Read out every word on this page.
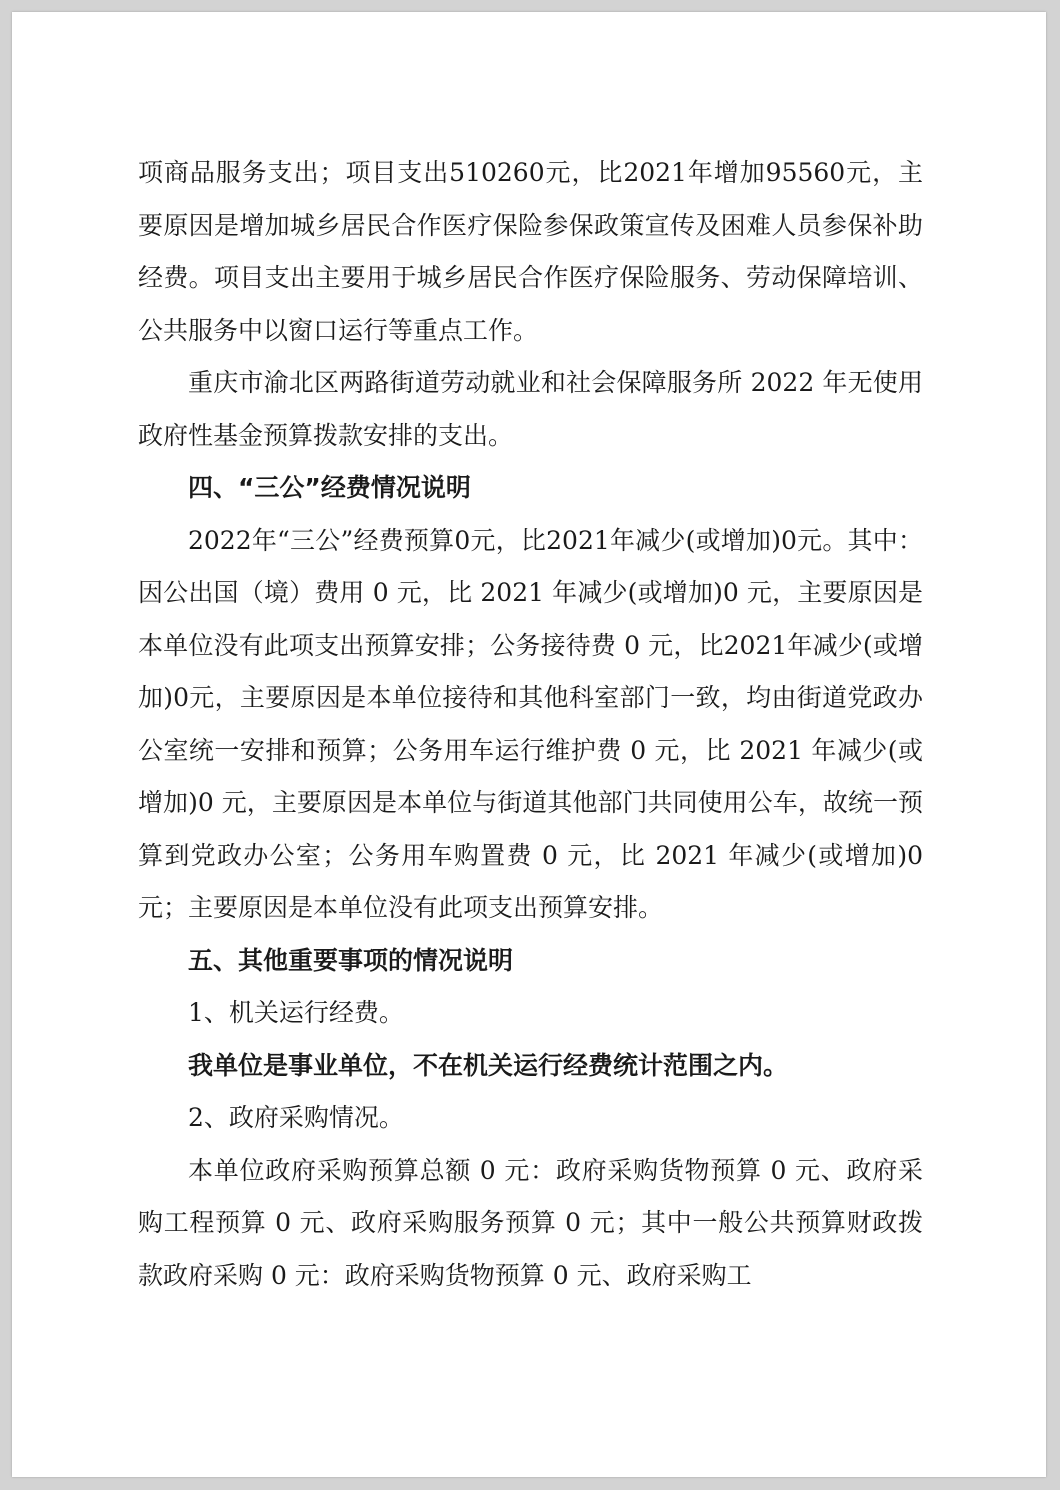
项商品服务支出；项目支出510260元，比2021年增加95560元，主要原因是增加城乡居民合作医疗保险参保政策宣传及困难人员参保补助经费。项目支出主要用于城乡居民合作医疗保险服务、劳动保障培训、公共服务中以窗口运行等重点工作。

重庆市渝北区两路街道劳动就业和社会保障服务所 2022 年无使用政府性基金预算拨款安排的支出。

四、“三公”经费情况说明

2022年“三公”经费预算0元，比2021年减少(或增加)0元。其中：因公出国（境）费用 0 元，比 2021 年减少(或增加)0 元，主要原因是本单位没有此项支出预算安排；公务接待费 0 元，比2021年减少(或增加)0元，主要原因是本单位接待和其他科室部门一致，均由街道党政办公室统一安排和预算；公务用车运行维护费 0 元，比 2021 年减少(或增加)0 元，主要原因是本单位与街道其他部门共同使用公车，故统一预算到党政办公室；公务用车购置费 0 元，比 2021 年减少(或增加)0 元；主要原因是本单位没有此项支出预算安排。

五、其他重要事项的情况说明

1、机关运行经费。

我单位是事业单位，不在机关运行经费统计范围之内。

2、政府采购情况。

本单位政府采购预算总额 0 元：政府采购货物预算 0 元、政府采购工程预算 0 元、政府采购服务预算 0 元；其中一般公共预算财政拨款政府采购 0 元：政府采购货物预算 0 元、政府采购工
